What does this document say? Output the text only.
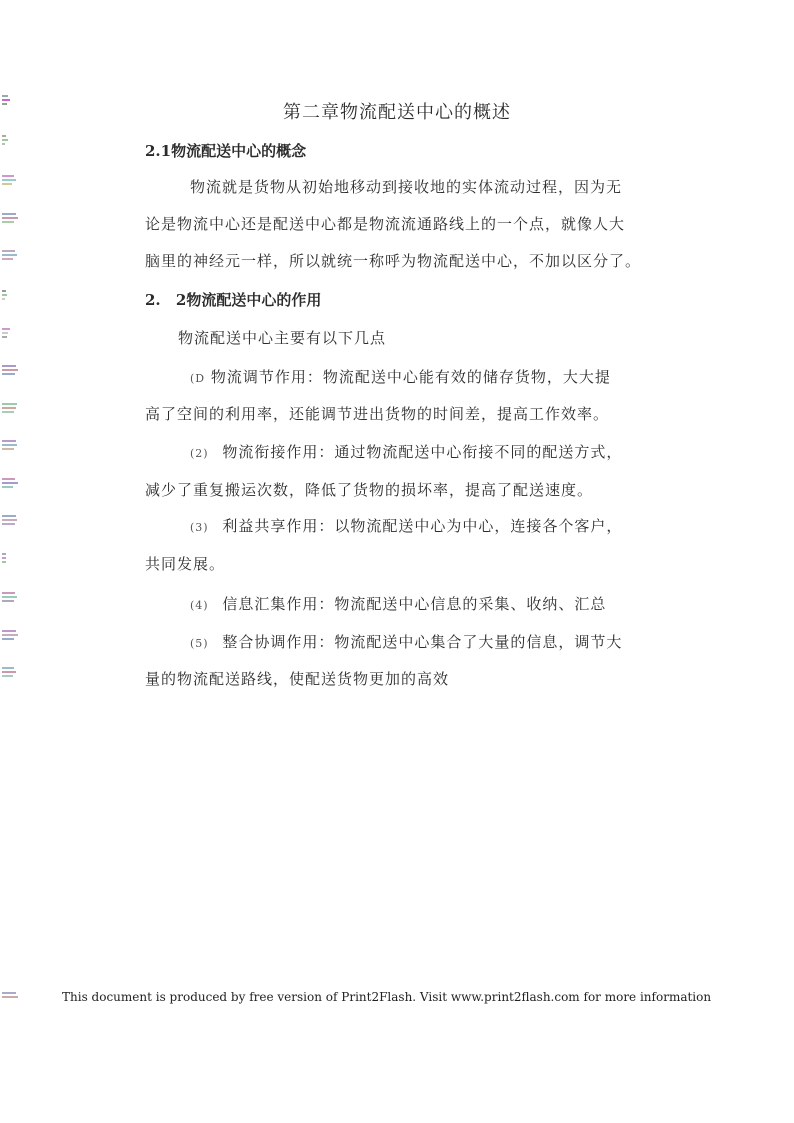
第二章物流配送中心的概述
2.1物流配送中心的概念
物流就是货物从初始地移动到接收地的实体流动过程，因为无
论是物流中心还是配送中心都是物流流通路线上的一个点，就像人大
脑里的神经元一样，所以就统一称呼为物流配送中心，不加以区分了。
2. 2物流配送中心的作用
物流配送中心主要有以下几点
(D 物流调节作用：物流配送中心能有效的储存货物，大大提
高了空间的利用率，还能调节进出货物的时间差，提高工作效率。
(2) 物流衔接作用：通过物流配送中心衔接不同的配送方式，
减少了重复搬运次数，降低了货物的损坏率，提高了配送速度。
(3) 利益共享作用：以物流配送中心为中心，连接各个客户，
共同发展。
(4) 信息汇集作用：物流配送中心信息的采集、收纳、汇总
(5) 整合协调作用：物流配送中心集合了大量的信息，调节大
量的物流配送路线，使配送货物更加的高效
This document is produced by free version of Print2Flash. Visit www.print2flash.com for more information
